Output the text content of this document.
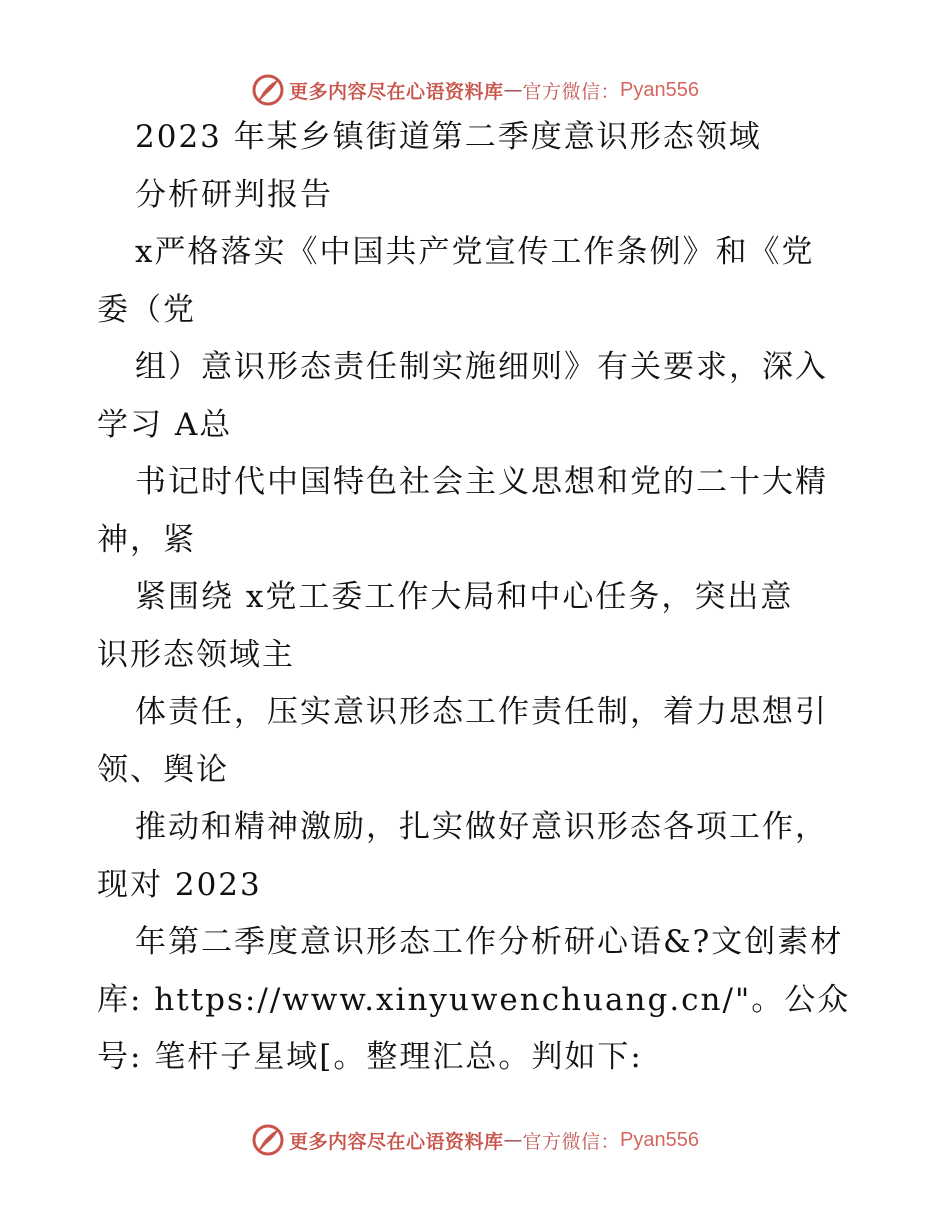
更多内容尽在心语资料库 — 官方微信： Pyan556
2023 年某乡镇街道第二季度意识形态领域
分析研判报告
x严格落实《中国共产党宣传工作条例》和《党
委（党
组）意识形态责任制实施细则》有关要求，深入
学习 A总
书记时代中国特色社会主义思想和党的二十大精
神，紧
紧围绕 x党工委工作大局和中心任务，突出意
识形态领域主
体责任，压实意识形态工作责任制，着力思想引
领、舆论
推动和精神激励，扎实做好意识形态各项工作，
现对 2023
年第二季度意识形态工作分析研心语&?文创素材
库: https://www.xinyuwenchuang.cn/"。公众
号: 笔杆子星域[。整理汇总。判如下:
更多内容尽在心语资料库 — 官方微信： Pyan556
